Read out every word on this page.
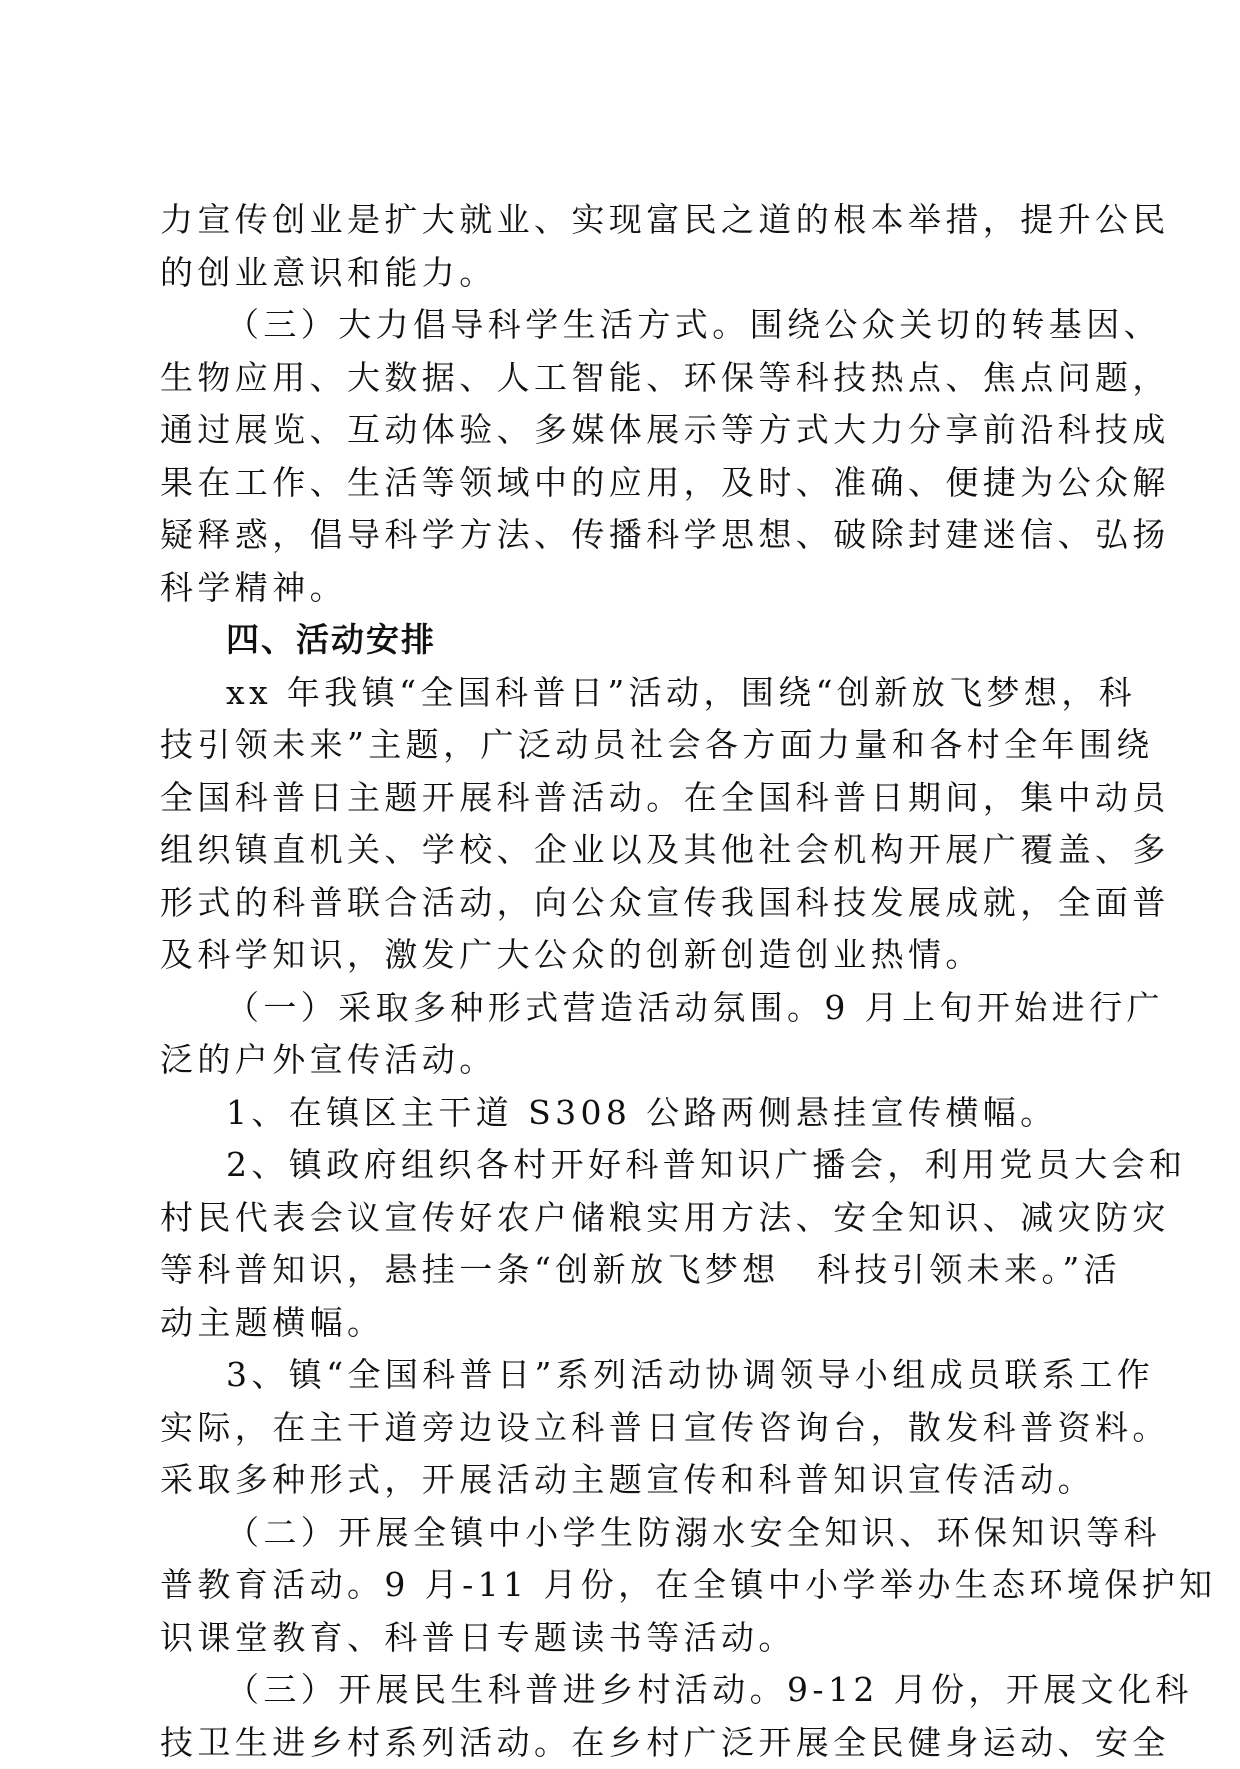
力宣传创业是扩大就业、实现富民之道的根本举措，提升公民
的创业意识和能力。
（三）大力倡导科学生活方式。围绕公众关切的转基因、
生物应用、大数据、人工智能、环保等科技热点、焦点问题，
通过展览、互动体验、多媒体展示等方式大力分享前沿科技成
果在工作、生活等领域中的应用，及时、准确、便捷为公众解
疑释惑，倡导科学方法、传播科学思想、破除封建迷信、弘扬
科学精神。
四、活动安排
xx 年我镇“全国科普日”活动，围绕“创新放飞梦想，科
技引领未来”主题，广泛动员社会各方面力量和各村全年围绕
全国科普日主题开展科普活动。在全国科普日期间，集中动员
组织镇直机关、学校、企业以及其他社会机构开展广覆盖、多
形式的科普联合活动，向公众宣传我国科技发展成就，全面普
及科学知识，激发广大公众的创新创造创业热情。
（一）采取多种形式营造活动氛围。9 月上旬开始进行广
泛的户外宣传活动。
1、在镇区主干道 S308 公路两侧悬挂宣传横幅。
2、镇政府组织各村开好科普知识广播会，利用党员大会和
村民代表会议宣传好农户储粮实用方法、安全知识、减灾防灾
等科普知识，悬挂一条“创新放飞梦想　科技引领未来。”活
动主题横幅。
3、镇“全国科普日”系列活动协调领导小组成员联系工作
实际，在主干道旁边设立科普日宣传咨询台，散发科普资料。
采取多种形式，开展活动主题宣传和科普知识宣传活动。
（二）开展全镇中小学生防溺水安全知识、环保知识等科
普教育活动。9 月-11 月份，在全镇中小学举办生态环境保护知
识课堂教育、科普日专题读书等活动。
（三）开展民生科普进乡村活动。9-12 月份，开展文化科
技卫生进乡村系列活动。在乡村广泛开展全民健身运动、安全
